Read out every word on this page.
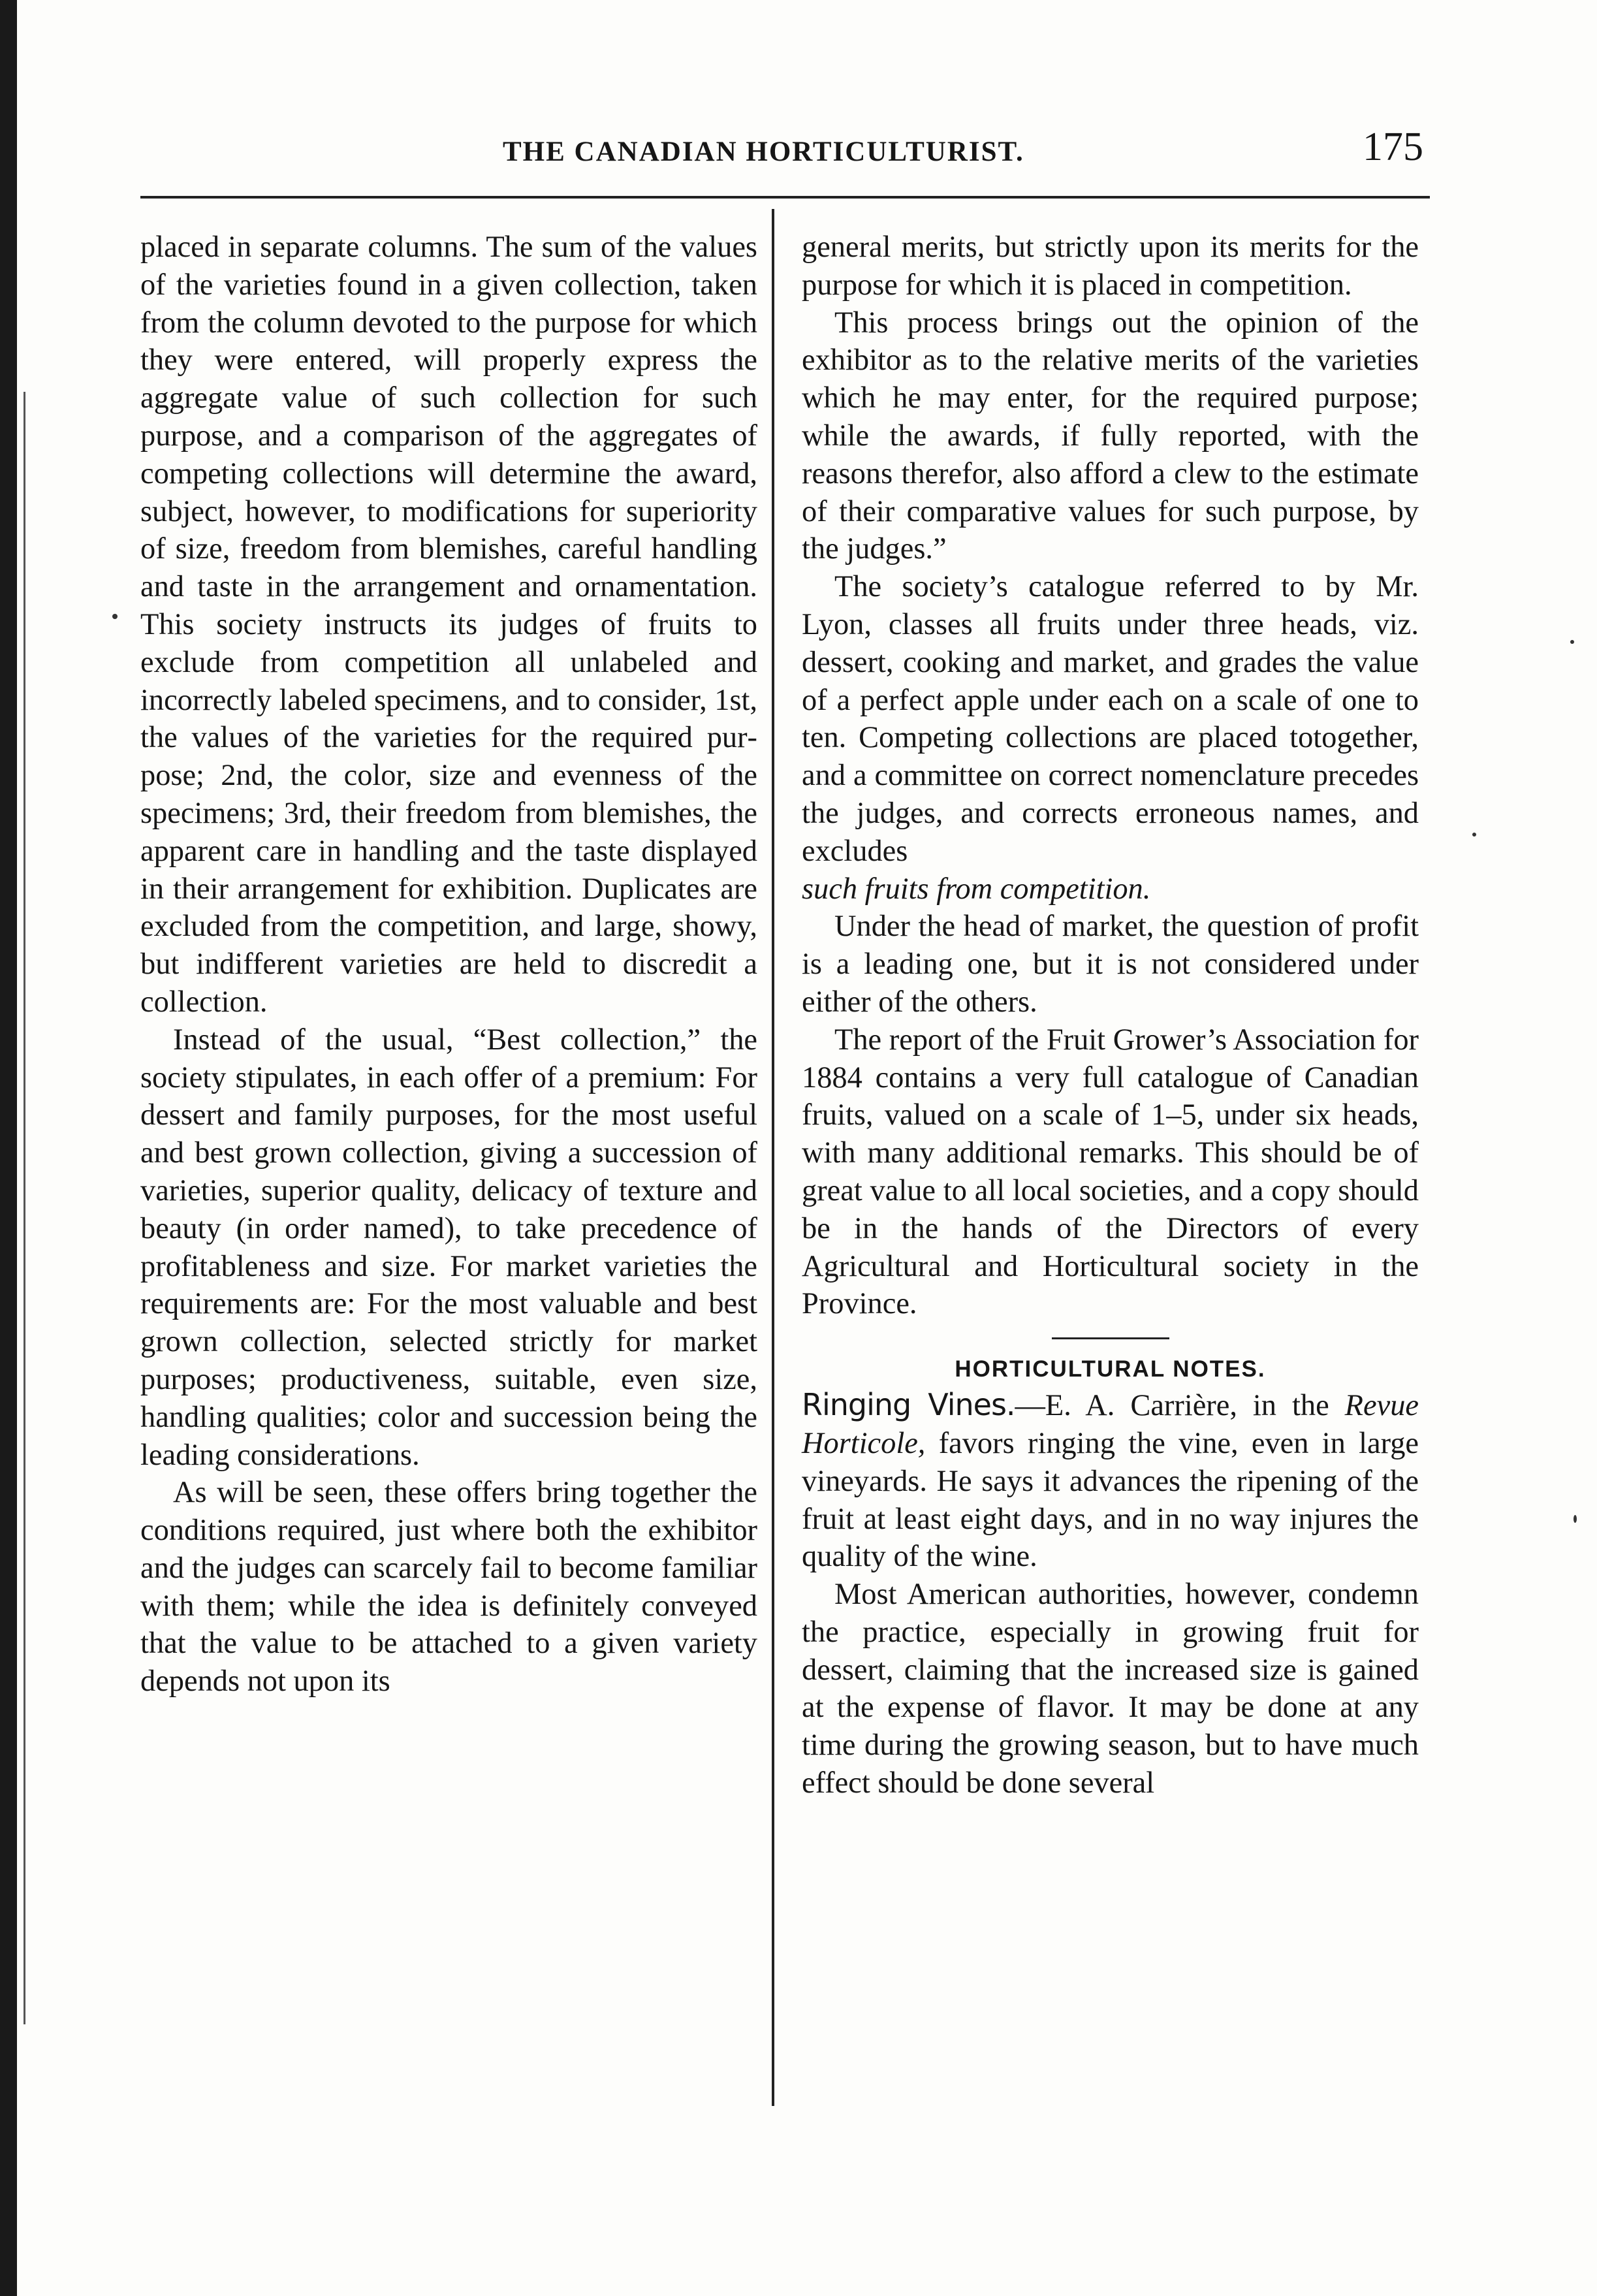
THE CANADIAN HORTICULTURIST.	175

placed in separate columns. The sum of the values of the varieties found in a given collection, taken from the column devoted to the purpose for which they were entered, will properly express the aggregate value of such collection for such purpose, and a comparison of the aggregates of competing collections will determine the award, subject, however, to modifications for superiority of size, freedom from blemishes, careful handling and taste in the arrangement and ornamentation. This society instructs its judges of fruits to exclude from competition all unlabeled and incorrectly labeled specimens, and to consider, 1st, the values of the varieties for the required purpose; 2nd, the color, size and evenness of the specimens; 3rd, their freedom from blemishes, the apparent care in handling and the taste displayed in their arrangement for exhibition. Duplicates are excluded from the competition, and large, showy, but indifferent varieties are held to discredit a collection.

Instead of the usual, “Best collection,” the society stipulates, in each offer of a premium: For dessert and family purposes, for the most useful and best grown collection, giving a succession of varieties, superior quality, delicacy of texture and beauty (in order named), to take precedence of profitableness and size. For market varieties the requirements are: For the most valuable and best grown collection, selected strictly for market purposes; productiveness, suitable, even size, handling qualities; color and succession being the leading considerations.

As will be seen, these offers bring together the conditions required, just where both the exhibitor and the judges can scarcely fail to become familiar with them; while the idea is definitely conveyed that the value to be attached to a given variety depends not upon its

general merits, but strictly upon its merits for the purpose for which it is placed in competition.

This process brings out the opinion of the exhibitor as to the relative merits of the varieties which he may enter, for the required purpose; while the awards, if fully reported, with the reasons therefor, also afford a clew to the estimate of their comparative values for such purpose, by the judges.”

The society’s catalogue referred to by Mr. Lyon, classes all fruits under three heads, viz. dessert, cooking and market, and grades the value of a perfect apple under each on a scale of one to ten. Competing collections are placed totogether, and a committee on correct nomenclature precedes the judges, and corrects erroneous names, and excludes

such fruits from competition.

Under the head of market, the question of profit is a leading one, but it is not considered under either of the others.

The report of the Fruit Grower’s Association for 1884 contains a very full catalogue of Canadian fruits, valued on a scale of 1–5, under six heads, with many additional remarks. This should be of great value to all local societies, and a copy should be in the hands of the Directors of every Agricultural and Horticultural society in the Province.

HORTICULTURAL NOTES.

Ringing Vines.—E. A. Carrière, in the Revue Horticole, favors ringing the vine, even in large vineyards. He says it advances the ripening of the fruit at least eight days, and in no way injures the quality of the wine.

Most American authorities, however, condemn the practice, especially in growing fruit for dessert, claiming that the increased size is gained at the expense of flavor. It may be done at any time during the growing season, but to have much effect should be done several
